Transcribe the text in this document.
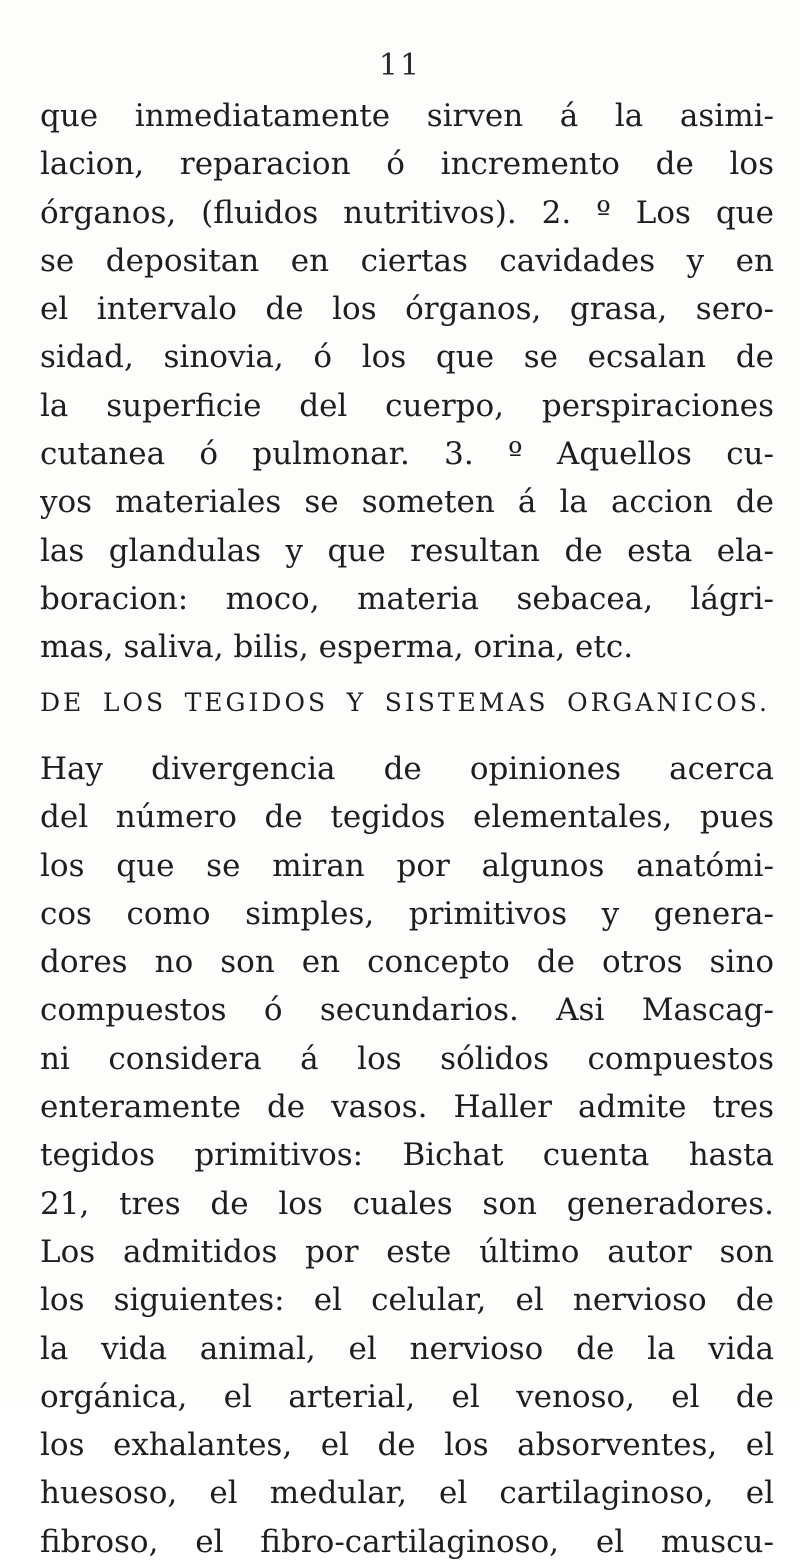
11
que inmediatamente sirven á la asimi-
lacion, reparacion ó incremento de los
órganos, (fluidos nutritivos). 2. º Los que
se depositan en ciertas cavidades y en
el intervalo de los órganos, grasa, sero-
sidad, sinovia, ó los que se ecsalan de
la superficie del cuerpo, perspiraciones
cutanea ó pulmonar. 3. º Aquellos cu-
yos materiales se someten á la accion de
las glandulas y que resultan de esta ela-
boracion: moco, materia sebacea, lágri-
mas, saliva, bilis, esperma, orina, etc.
DE LOS TEGIDOS Y SISTEMAS ORGANICOS.
Hay divergencia de opiniones acerca
del número de tegidos elementales, pues
los que se miran por algunos anatómi-
cos como simples, primitivos y genera-
dores no son en concepto de otros sino
compuestos ó secundarios. Asi Mascag-
ni considera á los sólidos compuestos
enteramente de vasos. Haller admite tres
tegidos primitivos: Bichat cuenta hasta
21, tres de los cuales son generadores.
Los admitidos por este último autor son
los siguientes: el celular, el nervioso de
la vida animal, el nervioso de la vida
orgánica, el arterial, el venoso, el de
los exhalantes, el de los absorventes, el
huesoso, el medular, el cartilaginoso, el
fibroso, el fibro-cartilaginoso, el muscu-
